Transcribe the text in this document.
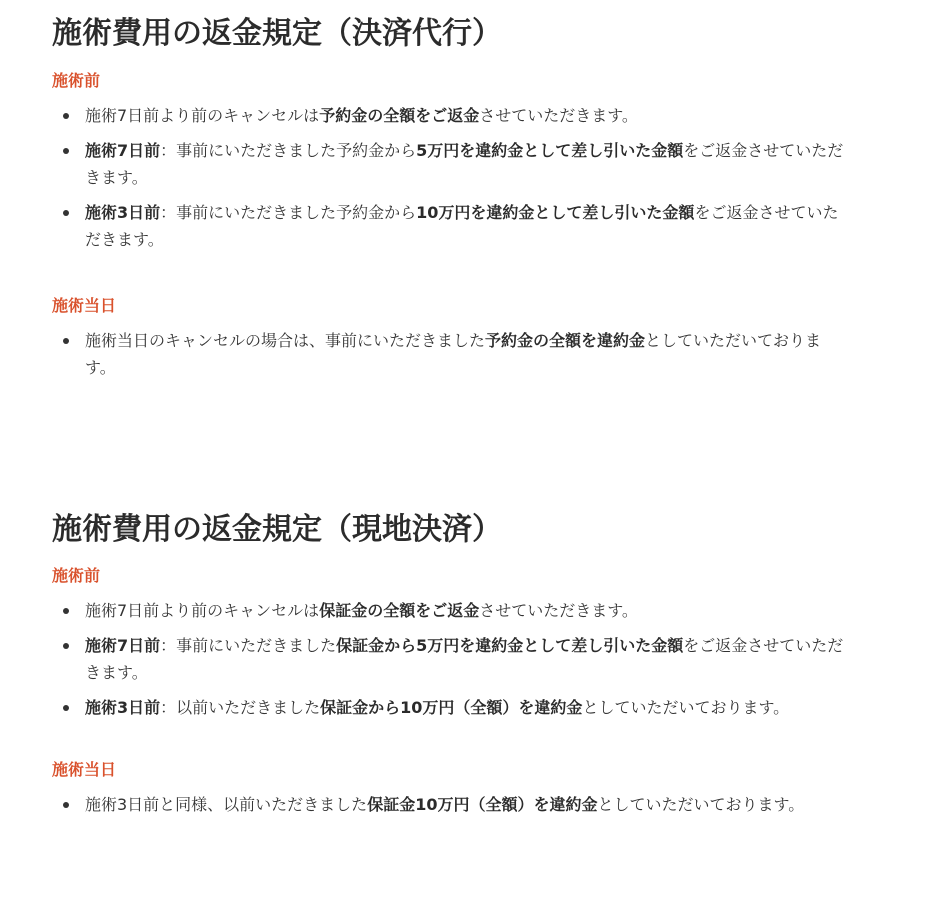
施術費用の返金規定（決済代行）
施術前
施術7日前より前のキャンセルは予約金の全額をご返金させていただきます。
施術7日前：事前にいただきました予約金から5万円を違約金として差し引いた金額をご返金させていただきます。
施術3日前：事前にいただきました予約金から10万円を違約金として差し引いた金額をご返金させていただきます。
施術当日
施術当日のキャンセルの場合は、事前にいただきました予約金の全額を違約金としていただいております。
施術費用の返金規定（現地決済）
施術前
施術7日前より前のキャンセルは保証金の全額をご返金させていただきます。
施術7日前：事前にいただきました保証金から5万円を違約金として差し引いた金額をご返金させていただきます。
施術3日前：以前いただきました保証金から10万円（全額）を違約金としていただいております。
施術当日
施術3日前と同様、以前いただきました保証金10万円（全額）を違約金としていただいております。
